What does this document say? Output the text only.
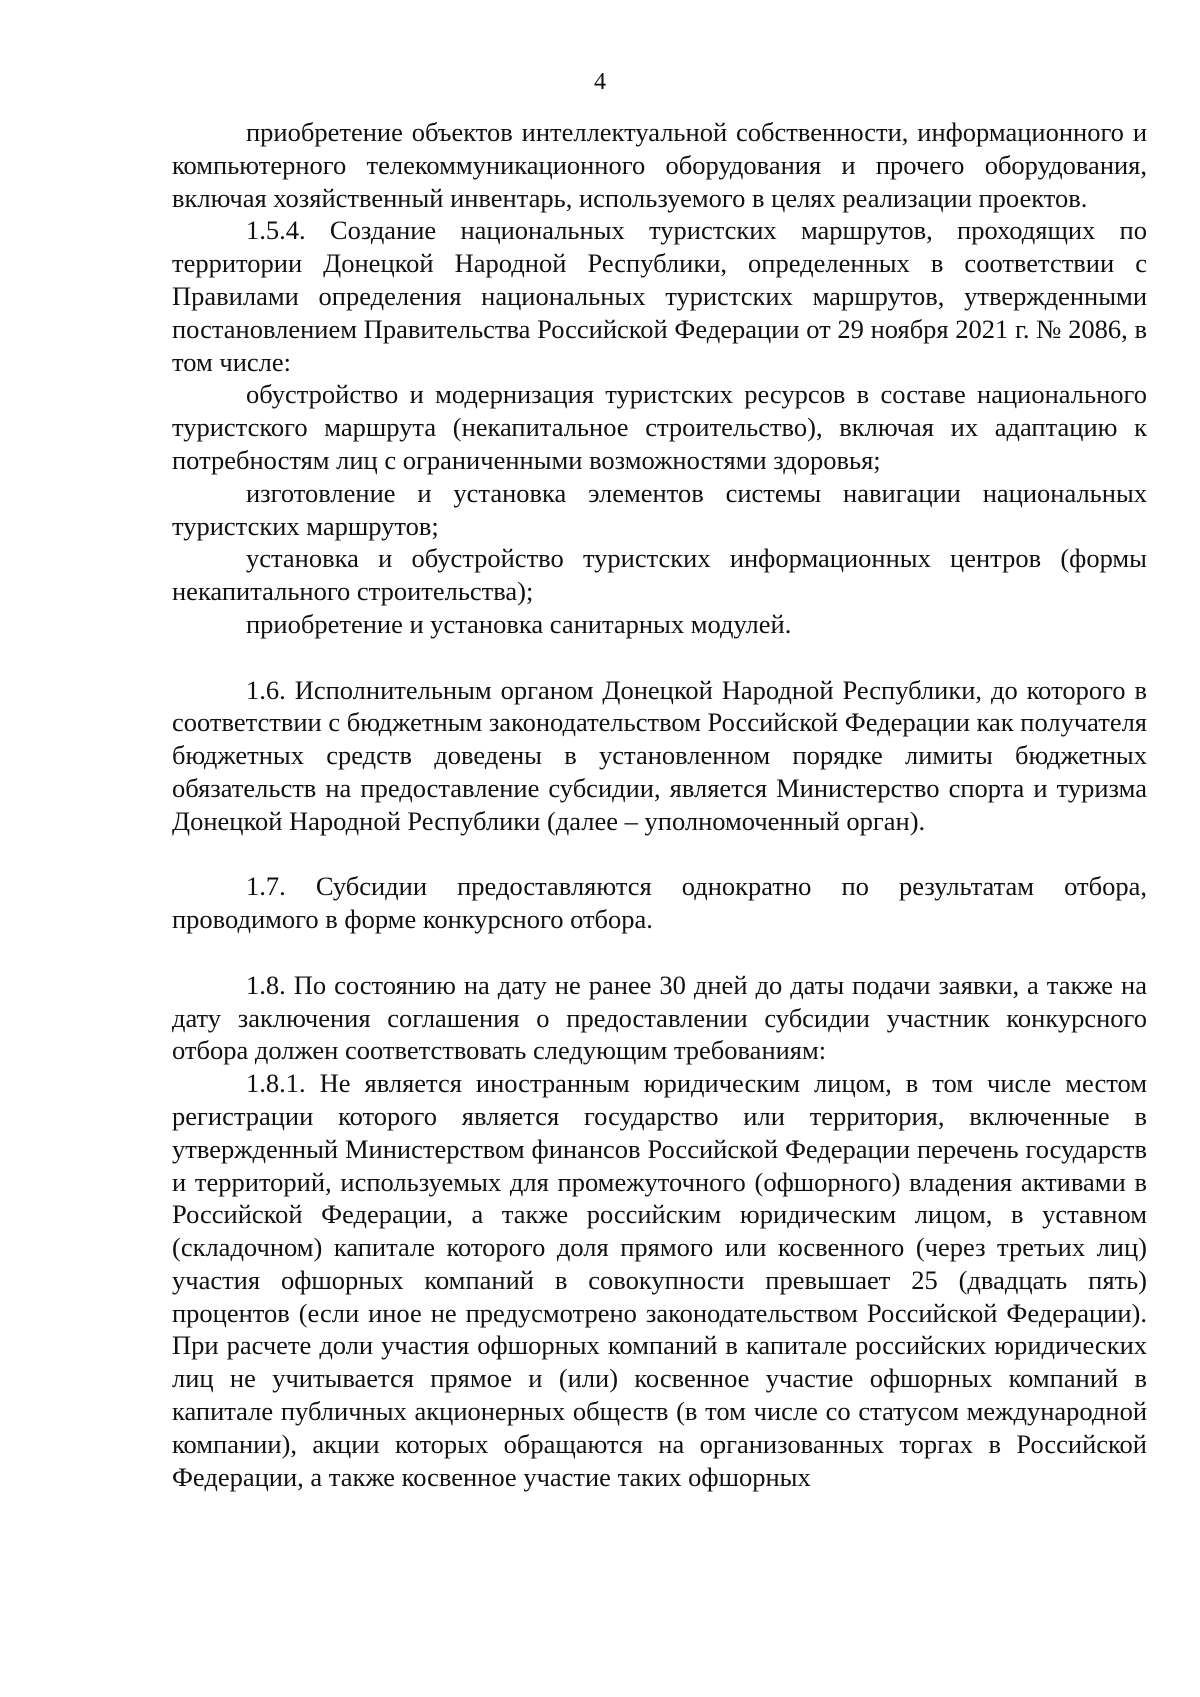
4

приобретение объектов интеллектуальной собственности, информационного и компьютерного телекоммуникационного оборудования и прочего оборудования, включая хозяйственный инвентарь, используемого в целях реализации проектов.

1.5.4. Создание национальных туристских маршрутов, проходящих по территории Донецкой Народной Республики, определенных в соответствии с Правилами определения национальных туристских маршрутов, утвержденными постановлением Правительства Российской Федерации от 29 ноября 2021 г. № 2086, в том числе:

обустройство и модернизация туристских ресурсов в составе национального туристского маршрута (некапитальное строительство), включая их адаптацию к потребностям лиц с ограниченными возможностями здоровья;

изготовление и установка элементов системы навигации национальных туристских маршрутов;

установка и обустройство туристских информационных центров (формы некапитального строительства);

приобретение и установка санитарных модулей.

1.6. Исполнительным органом Донецкой Народной Республики, до которого в соответствии с бюджетным законодательством Российской Федерации как получателя бюджетных средств доведены в установленном порядке лимиты бюджетных обязательств на предоставление субсидии, является Министерство спорта и туризма Донецкой Народной Республики (далее – уполномоченный орган).

1.7. Субсидии предоставляются однократно по результатам отбора, проводимого в форме конкурсного отбора.

1.8. По состоянию на дату не ранее 30 дней до даты подачи заявки, а также на дату заключения соглашения о предоставлении субсидии участник конкурсного отбора должен соответствовать следующим требованиям:

1.8.1. Не является иностранным юридическим лицом, в том числе местом регистрации которого является государство или территория, включенные в утвержденный Министерством финансов Российской Федерации перечень государств и территорий, используемых для промежуточного (офшорного) владения активами в Российской Федерации, а также российским юридическим лицом, в уставном (складочном) капитале которого доля прямого или косвенного (через третьих лиц) участия офшорных компаний в совокупности превышает 25 (двадцать пять) процентов (если иное не предусмотрено законодательством Российской Федерации). При расчете доли участия офшорных компаний в капитале российских юридических лиц не учитывается прямое и (или) косвенное участие офшорных компаний в капитале публичных акционерных обществ (в том числе со статусом международной компании), акции которых обращаются на организованных торгах в Российской Федерации, а также косвенное участие таких офшорных
